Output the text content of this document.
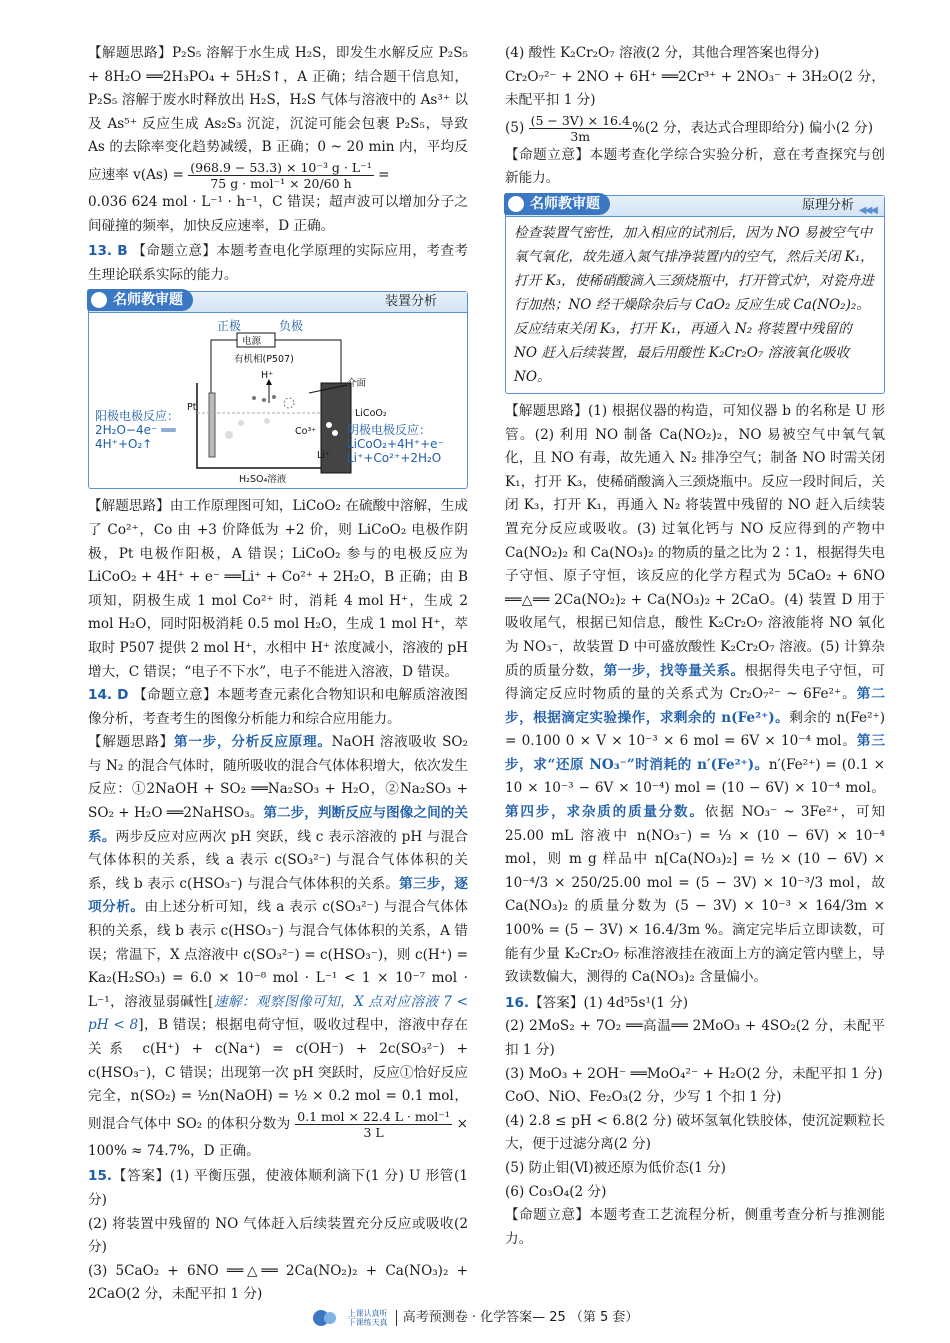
【解题思路】P₂S₅ 溶解于水生成 H₂S，即发生水解反应 P₂S₅ + 8H₂O ══2H₃PO₄ + 5H₂S↑，A 正确；结合题干信息知，P₂S₅ 溶解于废水时释放出 H₂S，H₂S 气体与溶液中的 As³⁺ 以及 As⁵⁺ 反应生成 As₂S₃ 沉淀，沉淀可能会包裹 P₂S₅，导致 As 的去除率变化趋势减缓，B 正确；0 ~ 20 min 内，平均反应速率 $v(As) = \frac{\text{(968.9 − 53.3) × 10⁻³ g · L⁻¹}}{\text{75 g · mol⁻¹ × 20/60 h}}$ =

0.036 624 mol · L⁻¹ · h⁻¹，C 错误；超声波可以增加分子之间碰撞的频率，加快反应速率，D 正确。

13. B 【命题立意】本题考查电化学原理的实际应用，考查考生理论联系实际的能力。

名师教审题	装置分析
正极	负极
电源
有机相(P507)
H⁺
介面
Pt
LiCoO₂
Co³⁺
Li⁺
H₂SO₄溶液
阳极电极反应：
2H₂O−4e⁻ ══
4H⁺+O₂↑
阴极电极反应：
LiCoO₂+4H⁺+e⁻
Li⁺+Co²⁺+2H₂O

【解题思路】由工作原理图可知，LiCoO₂ 在硫酸中溶解，生成了 Co²⁺，Co 由 +3 价降低为 +2 价，则 LiCoO₂ 电极作阴极，Pt 电极作阳极，A 错误；LiCoO₂ 参与的电极反应为 LiCoO₂ + 4H⁺ + e⁻ ══Li⁺ + Co²⁺ + 2H₂O，B 正确；由 B 项知，阴极生成 1 mol Co²⁺ 时，消耗 4 mol H⁺，生成 2 mol H₂O，同时阳极消耗 0.5 mol H₂O，生成 1 mol H⁺，萃取时 P507 提供 2 mol H⁺，水相中 H⁺ 浓度减小，溶液的 pH 增大，C 错误；“电子不下水”，电子不能进入溶液，D 错误。

14. D 【命题立意】本题考查元素化合物知识和电解质溶液图像分析，考查考生的图像分析能力和综合应用能力。

【解题思路】第一步，分析反应原理。NaOH 溶液吸收 SO₂ 与 N₂ 的混合气体时，随所吸收的混合气体体积增大，依次发生反应：①2NaOH + SO₂ ══Na₂SO₃ + H₂O，②Na₂SO₃ + SO₂ + H₂O ══2NaHSO₃。第二步，判断反应与图像之间的关系。两步反应对应两次 pH 突跃，线 c 表示溶液的 pH 与混合气体体积的关系，线 a 表示 c(SO₃²⁻) 与混合气体体积的关系，线 b 表示 c(HSO₃⁻) 与混合气体体积的关系。第三步，逐项分析。由上述分析可知，线 a 表示 c(SO₃²⁻) 与混合气体体积的关系，线 b 表示 c(HSO₃⁻) 与混合气体体积的关系，A 错误；常温下，X 点溶液中 c(SO₃²⁻) = c(HSO₃⁻)，则 c(H⁺) = Ka₂(H₂SO₃) = 6.0 × 10⁻⁸ mol · L⁻¹ < 1 × 10⁻⁷ mol · L⁻¹，溶液显弱碱性[速解：观察图像可知，X 点对应溶液 7 < pH < 8]，B 错误；根据电荷守恒，吸收过程中，溶液中存在关系 c(H⁺) + c(Na⁺) = c(OH⁻) + 2c(SO₃²⁻) + c(HSO₃⁻)，C 错误；出现第一次 pH 突跃时，反应①恰好反应完全，n(SO₂) = ½n(NaOH) = ½ × 0.2 mol = 0.1 mol，则混合气体中 SO₂ 的体积分数为 $\frac{\text{0.1 mol × 22.4 L · mol⁻¹}}{3 L} \times 100\% \approx 74.7\%$，D 正确。

15.【答案】(1) 平衡压强，使液体顺利滴下(1 分) U 形管(1 分)

(2) 将装置中残留的 NO 气体赶入后续装置充分反应或吸收(2 分)

(3) 5CaO₂ + 6NO ══△══ 2Ca(NO₂)₂ + Ca(NO₃)₂ + 2CaO(2 分，未配平扣 1 分)

(4) 酸性 K₂Cr₂O₇ 溶液(2 分，其他合理答案也得分)

Cr₂O₇²⁻ + 2NO + 6H⁺ ══2Cr³⁺ + 2NO₃⁻ + 3H₂O(2 分，未配平扣 1 分)

$(5) \frac{(5 - 3V) \times 16.4}{3m} \%(2$ 分，表达式合理即给分) 偏小(2 分)

【命题立意】本题考查化学综合实验分析，意在考查探究与创新能力。

名师教审题	原理分析 ◀◀◀
检查装置气密性，加入相应的试剂后，因为 NO 易被空气中氧气氧化，故先通入氮气排净装置内的空气，然后关闭 K₁，打开 K₃，使稀硝酸滴入三颈烧瓶中，打开管式炉，对瓷舟进行加热；NO 经干燥除杂后与 CaO₂ 反应生成 Ca(NO₂)₂。反应结束关闭 K₃，打开 K₁，再通入 N₂ 将装置中残留的 NO 赶入后续装置，最后用酸性 K₂Cr₂O₇ 溶液氧化吸收 NO。

【解题思路】(1) 根据仪器的构造，可知仪器 b 的名称是 U 形管。(2) 利用 NO 制备 Ca(NO₂)₂，NO 易被空气中氧气氧化，且 NO 有毒，故先通入 N₂ 排净空气；制备 NO 时需关闭 K₁，打开 K₃，使稀硝酸滴入三颈烧瓶中。反应一段时间后，关闭 K₃，打开 K₁，再通入 N₂ 将装置中残留的 NO 赶入后续装置充分反应或吸收。(3) 过氧化钙与 NO 反应得到的产物中 Ca(NO₂)₂ 和 Ca(NO₃)₂ 的物质的量之比为 2∶1，根据得失电子守恒、原子守恒，该反应的化学方程式为 5CaO₂ + 6NO ══△══ 2Ca(NO₂)₂ + Ca(NO₃)₂ + 2CaO。(4) 装置 D 用于吸收尾气，根据已知信息，酸性 K₂Cr₂O₇ 溶液能将 NO 氧化为 NO₃⁻，故装置 D 中可盛放酸性 K₂Cr₂O₇ 溶液。(5) 计算杂质的质量分数，第一步，找等量关系。根据得失电子守恒，可得滴定反应时物质的量的关系式为 Cr₂O₇²⁻ ~ 6Fe²⁺。第二步，根据滴定实验操作，求剩余的 n(Fe²⁺)。剩余的 n(Fe²⁺) = 0.100 0 × V × 10⁻³ × 6 mol = 6V × 10⁻⁴ mol。第三步，求“还原 NO₃⁻”时消耗的 n′(Fe²⁺)。n′(Fe²⁺) = (0.1 × 10 × 10⁻³ − 6V × 10⁻⁴) mol = (10 − 6V) × 10⁻⁴ mol。第四步，求杂质的质量分数。依据 NO₃⁻ ~ 3Fe²⁺，可知 25.00 mL 溶液中 n(NO₃⁻) = ⅓ × (10 − 6V) × 10⁻⁴ mol，则 m g 样品中 n[Ca(NO₃)₂] = ½ × (10 − 6V) × 10⁻⁴/3 × 250/25.00 mol = (5 − 3V) × 10⁻³/3 mol，故 Ca(NO₃)₂ 的质量分数为 (5 − 3V) × 10⁻³ × 164/3m × 100% = (5 − 3V) × 16.4/3m %。滴定完毕后立即读数，可能有少量 K₂Cr₂O₇ 标准溶液挂在液面上方的滴定管内壁上，导致读数偏大，测得的 Ca(NO₃)₂ 含量偏小。

16.【答案】(1) 4d⁵5s¹(1 分)

(2) 2MoS₂ + 7O₂ ══高温══ 2MoO₃ + 4SO₂(2 分，未配平扣 1 分)

(3) MoO₃ + 2OH⁻ ══MoO₄²⁻ + H₂O(2 分，未配平扣 1 分)

CoO、NiO、Fe₂O₃(2 分，少写 1 个扣 1 分)

(4) 2.8 ≤ pH < 6.8(2 分) 破坏氢氧化铁胶体，使沉淀颗粒长大，便于过滤分离(2 分)

(5) 防止钼(Ⅵ)被还原为低价态(1 分)

(6) Co₃O₄(2 分)

【命题立意】本题考查工艺流程分析，侧重考查分析与推测能力。

上课认真听 下课练天真 高考预测卷 · 化学答案— 25 （第 5 套）
